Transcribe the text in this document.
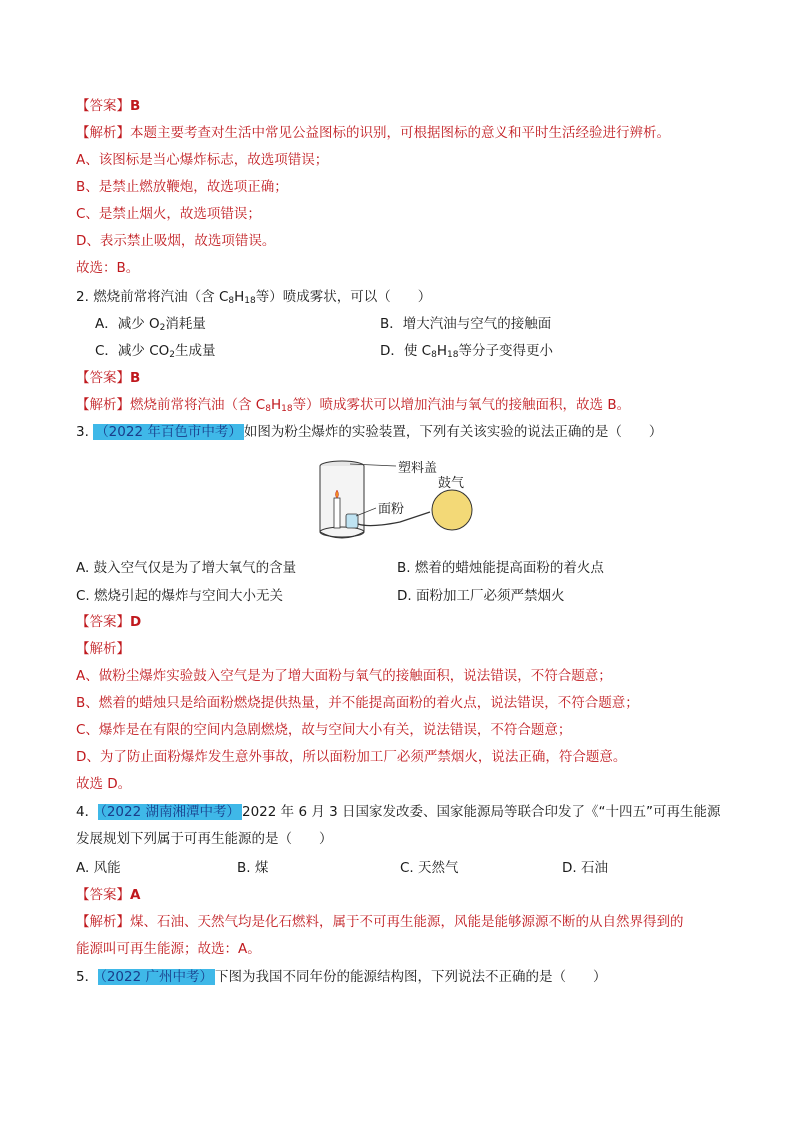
【答案】B
【解析】本题主要考查对生活中常见公益图标的识别，可根据图标的意义和平时生活经验进行辨析。
A、该图标是当心爆炸标志，故选项错误；
B、是禁止燃放鞭炮，故选项正确；
C、是禁止烟火，故选项错误；
D、表示禁止吸烟，故选项错误。
故选：B。
2. 燃烧前常将汽油（含 $C_8H_{18}$等）喷成雾状，可以（　　）
A．减少 $O_2$消耗量	B．增大汽油与空气的接触面
C．减少 $CO_2$生成量	D．使 $C_8H_{18}$等分子变得更小
【答案】B
【解析】燃烧前常将汽油（含 $C_8H_{18}$等）喷成雾状可以增加汽油与氧气的接触面积，故选 B。
3. （2022 年百色市中考） 如图为粉尘爆炸的实验装置，下列有关该实验的说法正确的是（　　）
塑料盖
面粉
鼓气
A. 鼓入空气仅是为了增大氧气的含量	B. 燃着的蜡烛能提高面粉的着火点
C. 燃烧引起的爆炸与空间大小无关	D. 面粉加工厂必须严禁烟火
【答案】D
【解析】
A、做粉尘爆炸实验鼓入空气是为了增大面粉与氧气的接触面积，说法错误，不符合题意；
B、燃着的蜡烛只是给面粉燃烧提供热量，并不能提高面粉的着火点，说法错误，不符合题意；
C、爆炸是在有限的空间内急剧燃烧，故与空间大小有关，说法错误，不符合题意；
D、为了防止面粉爆炸发生意外事故，所以面粉加工厂必须严禁烟火，说法正确，符合题意。
故选 D。
4． （2022 湖南湘潭中考） 2022 年 6 月 3 日国家发改委、国家能源局等联合印发了《“十四五”可再生能源
发展规划下列属于可再生能源的是（　　）
A. 风能	B. 煤	C. 天然气	D. 石油
【答案】A
【解析】煤、石油、天然气均是化石燃料，属于不可再生能源，风能是能够源源不断的从自然界得到的
能源叫可再生能源；故选：A。
5． （2022 广州中考） 下图为我国不同年份的能源结构图，下列说法不正确的是（　　）
